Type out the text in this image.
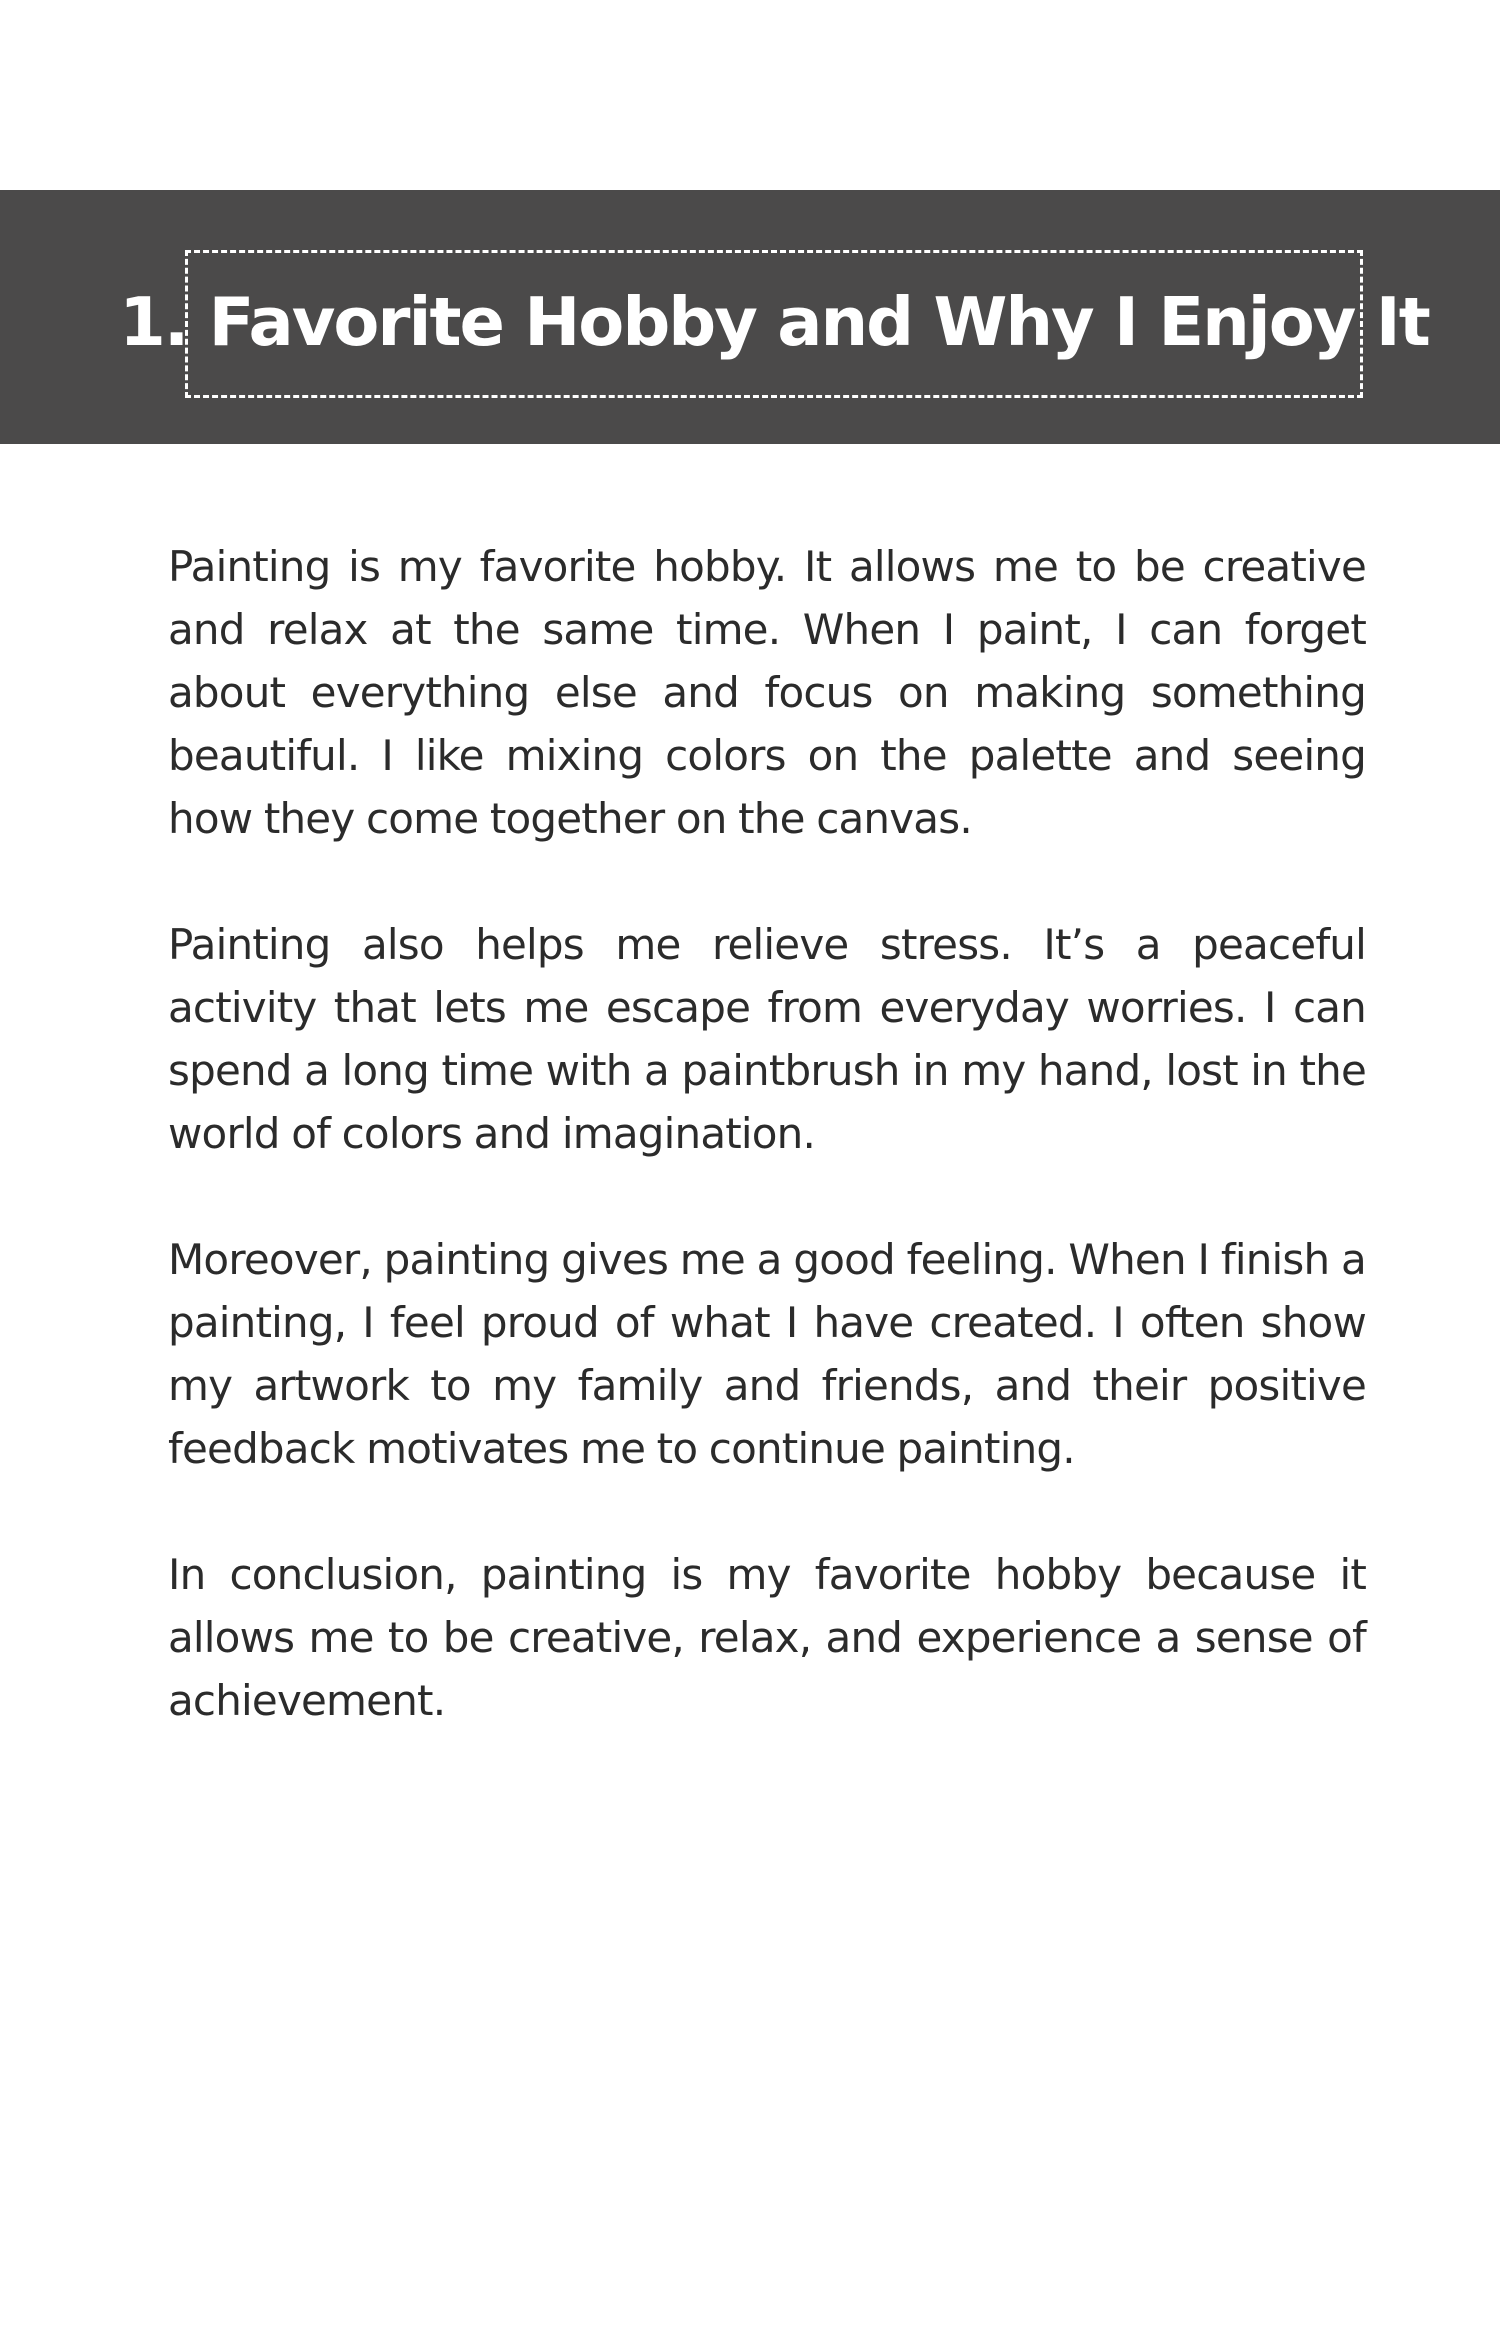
1. Favorite Hobby and Why I Enjoy It

Painting is my favorite hobby. It allows me to be creative and relax at the same time. When I paint, I can forget about everything else and focus on making something beautiful. I like mixing colors on the palette and seeing how they come together on the canvas.

Painting also helps me relieve stress. It’s a peaceful activity that lets me escape from everyday worries. I can spend a long time with a paintbrush in my hand, lost in the world of colors and imagination.

Moreover, painting gives me a good feeling. When I finish a painting, I feel proud of what I have created. I often show my artwork to my family and friends, and their positive feedback motivates me to continue painting.

In conclusion, painting is my favorite hobby because it allows me to be creative, relax, and experience a sense of achievement.
